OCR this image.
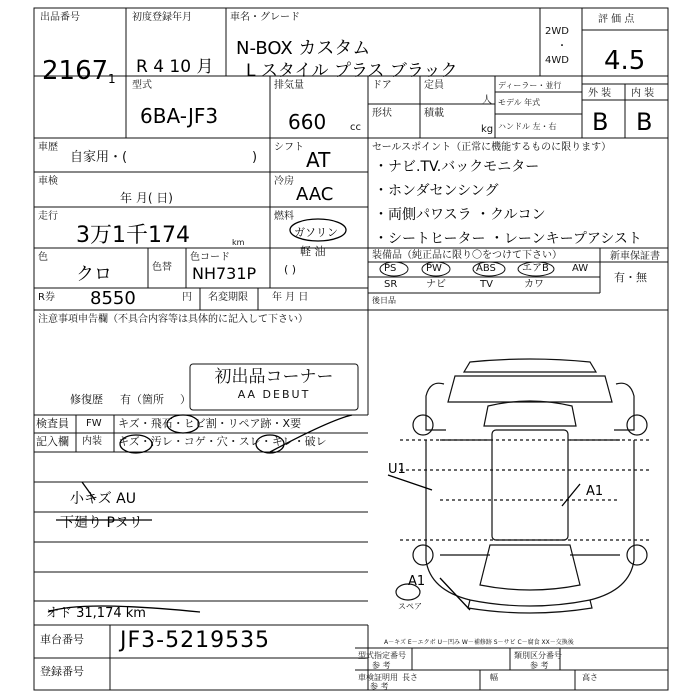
出品番号
2167 1
初度登録年月
R 4 10 月
車名・グレード
N-BOX カスタム
L スタイル プラス ブラック
2WD
・
4WD
評 価 点
4.5
外 装 内 装
B B
型式
6BA-JF3
排気量
660 cc
ドア	定員
人
形状	積載
kg
ディーラー・並行
モデル 年式
ハンドル 左・右
車歴
自家用・(	)
シフト
AT
車検
年 月( 日)
冷房
AAC
走行
3万1千174	km
燃料
ガソリン
軽 油
( )
色
クロ	色替
色コード
NH731P
R券 8550	円 名変期限 年 月 日
セールスポイント（正常に機能するものに限ります）
・ナビ.TV.バックモニター
・ホンダセンシング
・両側パワスラ ・クルコン
・シートヒーター ・レーンキープアシスト
装備品（純正品に限り〇をつけて下さい）
PS	PW	ABS	エアB AW
SR	ナビ	TV	カワ
新車保証書
有・無
後日品
注意事項申告欄（不具合内容等は具体的に記入して下さい）
初出品コーナー
AA DEBUT
修復歴 有（箇所 ）
検査員
記入欄
FW キズ・飛石・ヒビ割・リペア跡・X要
内装 キズ・汚レ・コゲ・穴・スレ・キレ・破レ
小キズ AU
下廻り Pヌリ
オド 31,174 km
U1
A1
A1
スペア
車台番号 JF3-5219535
登録番号
A－キズ E－エクボ U－凹み W－補修跡 S－サビ C－腐食 XX－交換後
型式指定番号
参 考
類別区分番号
参 考
車検証明用
参 考
長さ	幅	高さ
